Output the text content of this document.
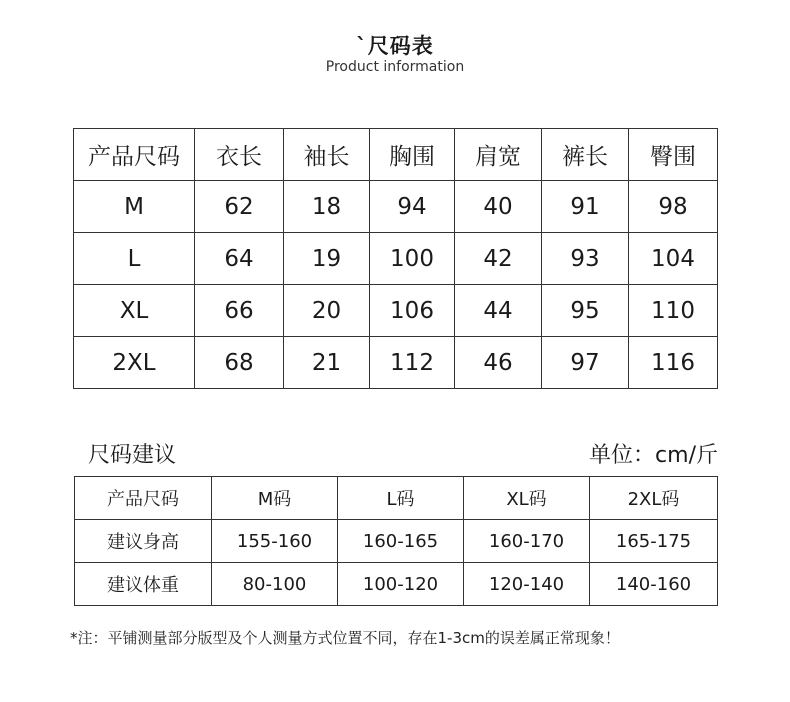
`尺码表
Product information
产品尺码	衣长	袖长	胸围	肩宽	裤长	臀围
M	62	18	94	40	91	98
L	64	19	100	42	93	104
XL	66	20	106	44	95	110
2XL	68	21	112	46	97	116
尺码建议	单位：cm/斤
产品尺码	M码	L码	XL码	2XL码
建议身高	155-160	160-165	160-170	165-175
建议体重	80-100	100-120	120-140	140-160
*注：平铺测量部分版型及个人测量方式位置不同，存在1-3cm的误差属正常现象！
